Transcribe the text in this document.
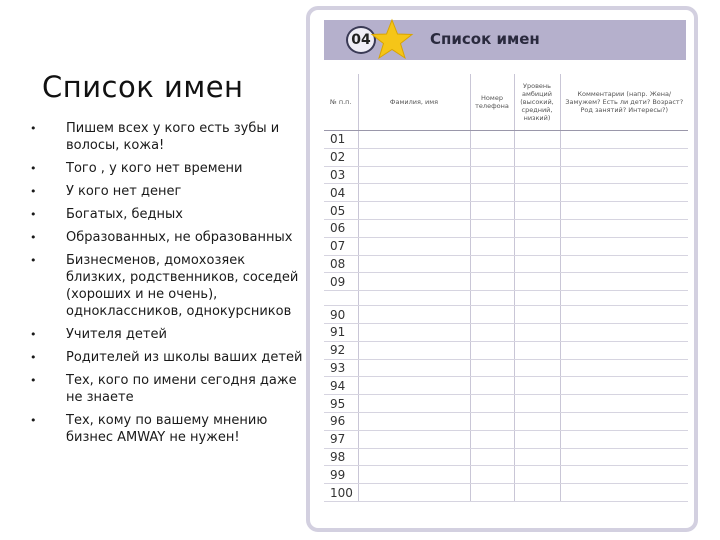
Список имен
• Пишем всех у кого есть зубы и волосы, кожа!
• Того , у кого нет времени
• У кого нет денег
• Богатых, бедных
• Образованных, не образованных
• Бизнесменов, домохозяек близких, родственников, соседей (хороших и не очень), одноклассников, однокурсников
• Учителя детей
• Родителей из школы ваших детей
• Тех, кого по имени сегодня даже не знаете
• Тех, кому по вашему мнению бизнес AMWAY не нужен!
04	Список имен
№ п.п.	Фамилия, имя	Номер телефона	Уровень амбиций (высокий, средний, низкий)	Комментарии (напр. Жена/Замужем? Есть ли дети? Возраст? Род занятий? Интересы?)
01				
02				
03				
04				
05				
06				
07				
08				
09				

90				
91				
92				
93				
94				
95				
96				
97				
98				
99				
100				
